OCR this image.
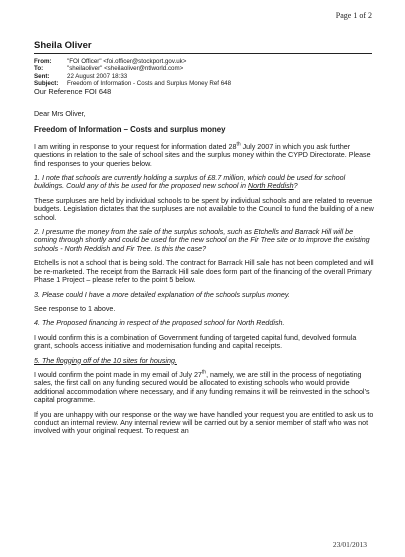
Page 1 of 2
Sheila Oliver
From:	"FOI Officer" <foi.officer@stockport.gov.uk>
To:	"sheilaoliver" <sheilaoliver@ntlworld.com>
Sent:	22 August 2007 18:33
Subject:	Freedom of Information - Costs and Surplus Money Ref 648
Our Reference FOI 648

Dear Mrs Oliver,

Freedom of Information – Costs and surplus money

I am writing in response to your request for information dated 28th July 2007 in which you ask further questions in relation to the sale of school sites and the surplus money within the CYPD Directorate. Please find responses to your queries below.

1. I note that schools are currently holding a surplus of £8.7 million, which could be used for school buildings. Could any of this be used for the proposed new school in North Reddish?

These surpluses are held by individual schools to be spent by individual schools and are related to revenue budgets. Legislation dictates that the surpluses are not available to the Council to fund the building of a new school.

2. I presume the money from the sale of the surplus schools, such as Etchells and Barrack Hill will be coming through shortly and could be used for the new school on the Fir Tree site or to improve the existing schools - North Reddish and Fir Tree. Is this the case?

Etchells is not a school that is being sold. The contract for Barrack Hill sale has not been completed and will be re-marketed. The receipt from the Barrack Hill sale does form part of the financing of the overall Primary Phase 1 Project – please refer to the point 5 below.

3. Please could I have a more detailed explanation of the schools surplus money.

See response to 1 above.

4. The Proposed financing in respect of the proposed school for North Reddish.

I would confirm this is a combination of Government funding of targeted capital fund, devolved formula grant, schools access initiative and modernisation funding and capital receipts.

5. The flogging off of the 10 sites for housing.

I would confirm the point made in my email of July 27th, namely, we are still in the process of negotiating sales, the first call on any funding secured would be allocated to existing schools who would provide additional accommodation where necessary, and if any funding remains it will be reinvested in the school’s capital programme.

If you are unhappy with our response or the way we have handled your request you are entitled to ask us to conduct an internal review. Any internal review will be carried out by a senior member of staff who was not involved with your original request. To request an

23/01/2013
